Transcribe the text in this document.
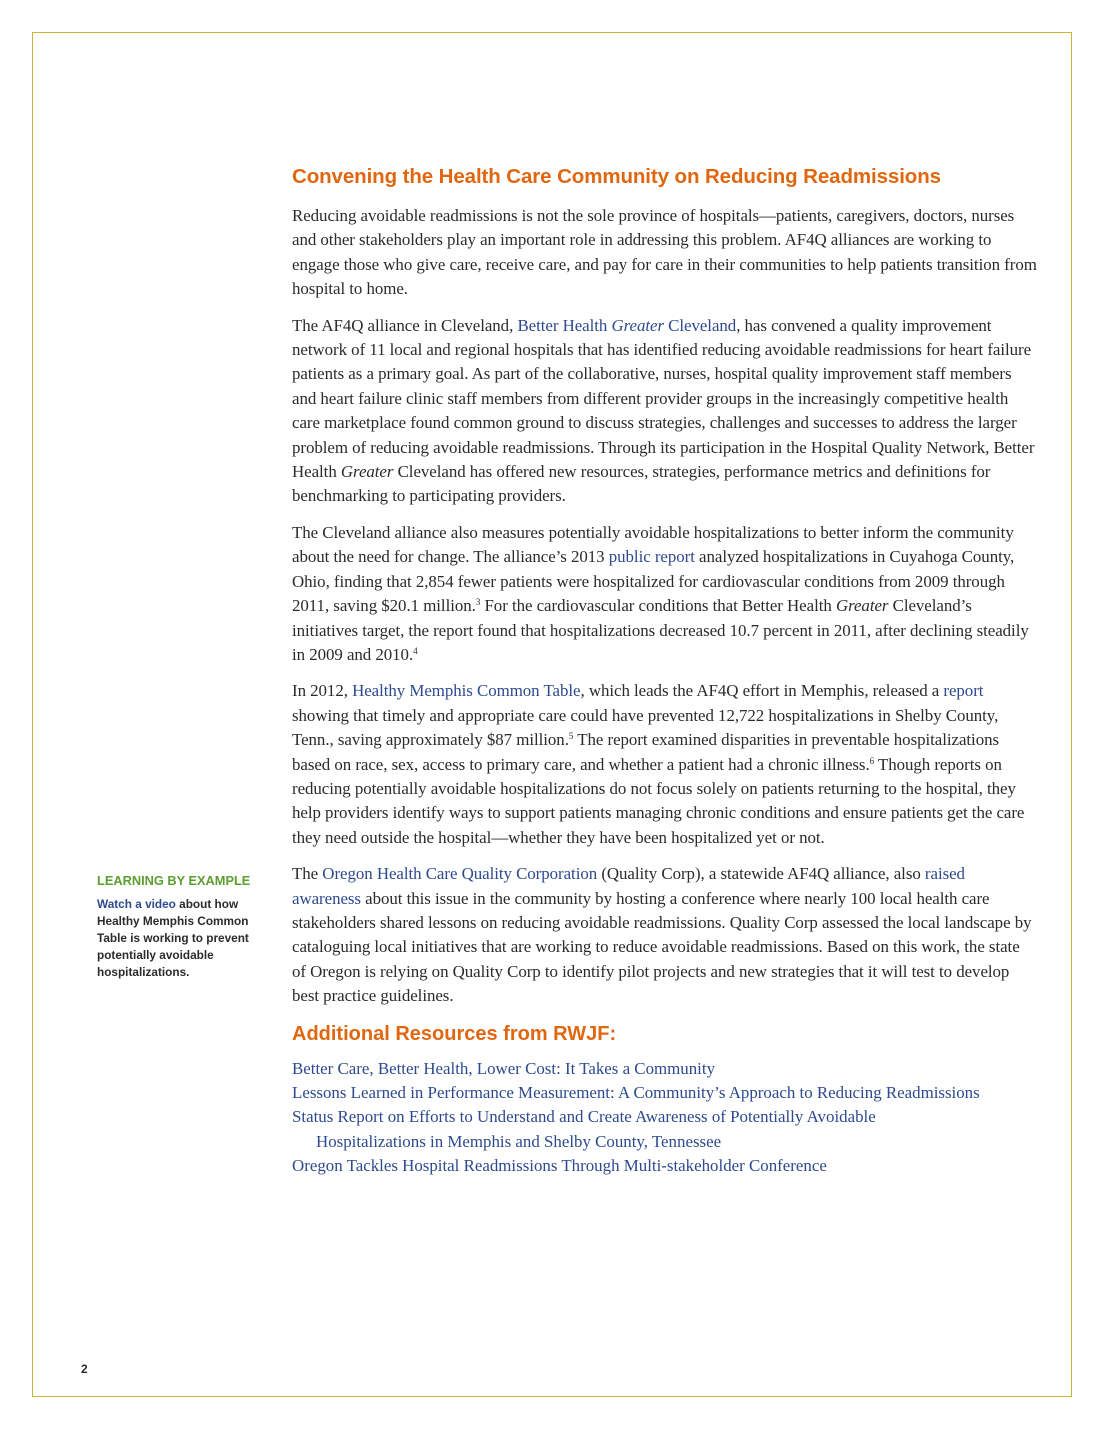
Convening the Health Care Community on Reducing Readmissions

Reducing avoidable readmissions is not the sole province of hospitals—patients, caregivers, doctors, nurses and other stakeholders play an important role in addressing this problem. AF4Q alliances are working to engage those who give care, receive care, and pay for care in their communities to help patients transition from hospital to home.

The AF4Q alliance in Cleveland, Better Health Greater Cleveland, has convened a quality improvement network of 11 local and regional hospitals that has identified reducing avoidable readmissions for heart failure patients as a primary goal. As part of the collaborative, nurses, hospital quality improvement staff members and heart failure clinic staff members from different provider groups in the increasingly competitive health care marketplace found common ground to discuss strategies, challenges and successes to address the larger problem of reducing avoidable readmissions. Through its participation in the Hospital Quality Network, Better Health Greater Cleveland has offered new resources, strategies, performance metrics and definitions for benchmarking to participating providers.

The Cleveland alliance also measures potentially avoidable hospitalizations to better inform the community about the need for change. The alliance’s 2013 public report analyzed hospitalizations in Cuyahoga County, Ohio, finding that 2,854 fewer patients were hospitalized for cardiovascular conditions from 2009 through 2011, saving $20.1 million.$^3$ For the cardiovascular conditions that Better Health Greater Cleveland’s initiatives target, the report found that hospitalizations decreased 10.7 percent in 2011, after declining steadily in 2009 and 2010.$^4$

In 2012, Healthy Memphis Common Table, which leads the AF4Q effort in Memphis, released a report showing that timely and appropriate care could have prevented 12,722 hospitalizations in Shelby County, Tenn., saving approximately $87 million.$^5$ The report examined disparities in preventable hospitalizations based on race, sex, access to primary care, and whether a patient had a chronic illness.$^6$ Though reports on reducing potentially avoidable hospitalizations do not focus solely on patients returning to the hospital, they help providers identify ways to support patients managing chronic conditions and ensure patients get the care they need outside the hospital—whether they have been hospitalized yet or not.

The Oregon Health Care Quality Corporation (Quality Corp), a statewide AF4Q alliance, also raised awareness about this issue in the community by hosting a conference where nearly 100 local health care stakeholders shared lessons on reducing avoidable readmissions. Quality Corp assessed the local landscape by cataloguing local initiatives that are working to reduce avoidable readmissions. Based on this work, the state of Oregon is relying on Quality Corp to identify pilot projects and new strategies that it will test to develop best practice guidelines.

Additional Resources from RWJF:
Better Care, Better Health, Lower Cost: It Takes a Community
Lessons Learned in Performance Measurement: A Community’s Approach to Reducing Readmissions
Status Report on Efforts to Understand and Create Awareness of Potentially Avoidable
Hospitalizations in Memphis and Shelby County, Tennessee
Oregon Tackles Hospital Readmissions Through Multi-stakeholder Conference
LEARNING BY EXAMPLE
Watch a video about how Healthy Memphis Common Table is working to prevent potentially avoidable hospitalizations.
2
